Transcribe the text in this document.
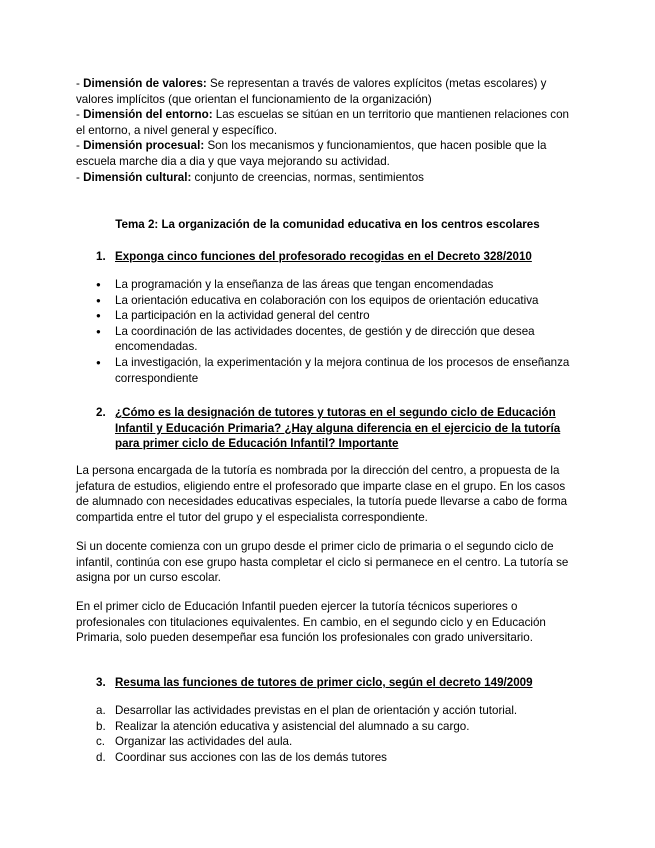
- Dimensión de valores: Se representan a través de valores explícitos (metas escolares) y valores implícitos (que orientan el funcionamiento de la organización)

- Dimensión del entorno: Las escuelas se sitúan en un territorio que mantienen relaciones con el entorno, a nivel general y específico.

- Dimensión procesual: Son los mecanismos y funcionamientos, que hacen posible que la escuela marche dia a dia y que vaya mejorando su actividad.

- Dimensión cultural: conjunto de creencias, normas, sentimientos

Tema 2: La organización de la comunidad educativa en los centros escolares

1. Exponga cinco funciones del profesorado recogidas en el Decreto 328/2010
● La programación y la enseñanza de las áreas que tengan encomendadas
● La orientación educativa en colaboración con los equipos de orientación educativa
● La participación en la actividad general del centro
● La coordinación de las actividades docentes, de gestión y de dirección que desea encomendadas.
● La investigación, la experimentación y la mejora continua de los procesos de enseñanza correspondiente
2. ¿Cómo es la designación de tutores y tutoras en el segundo ciclo de Educación Infantil y Educación Primaria? ¿Hay alguna diferencia en el ejercicio de la tutoría para primer ciclo de Educación Infantil? Importante

La persona encargada de la tutoría es nombrada por la dirección del centro, a propuesta de la jefatura de estudios, eligiendo entre el profesorado que imparte clase en el grupo. En los casos de alumnado con necesidades educativas especiales, la tutoría puede llevarse a cabo de forma compartida entre el tutor del grupo y el especialista correspondiente.

Si un docente comienza con un grupo desde el primer ciclo de primaria o el segundo ciclo de infantil, continúa con ese grupo hasta completar el ciclo si permanece en el centro. La tutoría se asigna por un curso escolar.

En el primer ciclo de Educación Infantil pueden ejercer la tutoría técnicos superiores o profesionales con titulaciones equivalentes. En cambio, en el segundo ciclo y en Educación Primaria, solo pueden desempeñar esa función los profesionales con grado universitario.

3. Resuma las funciones de tutores de primer ciclo, según el decreto 149/2009
a. Desarrollar las actividades previstas en el plan de orientación y acción tutorial.
b. Realizar la atención educativa y asistencial del alumnado a su cargo.
c. Organizar las actividades del aula.
d. Coordinar sus acciones con las de los demás tutores
